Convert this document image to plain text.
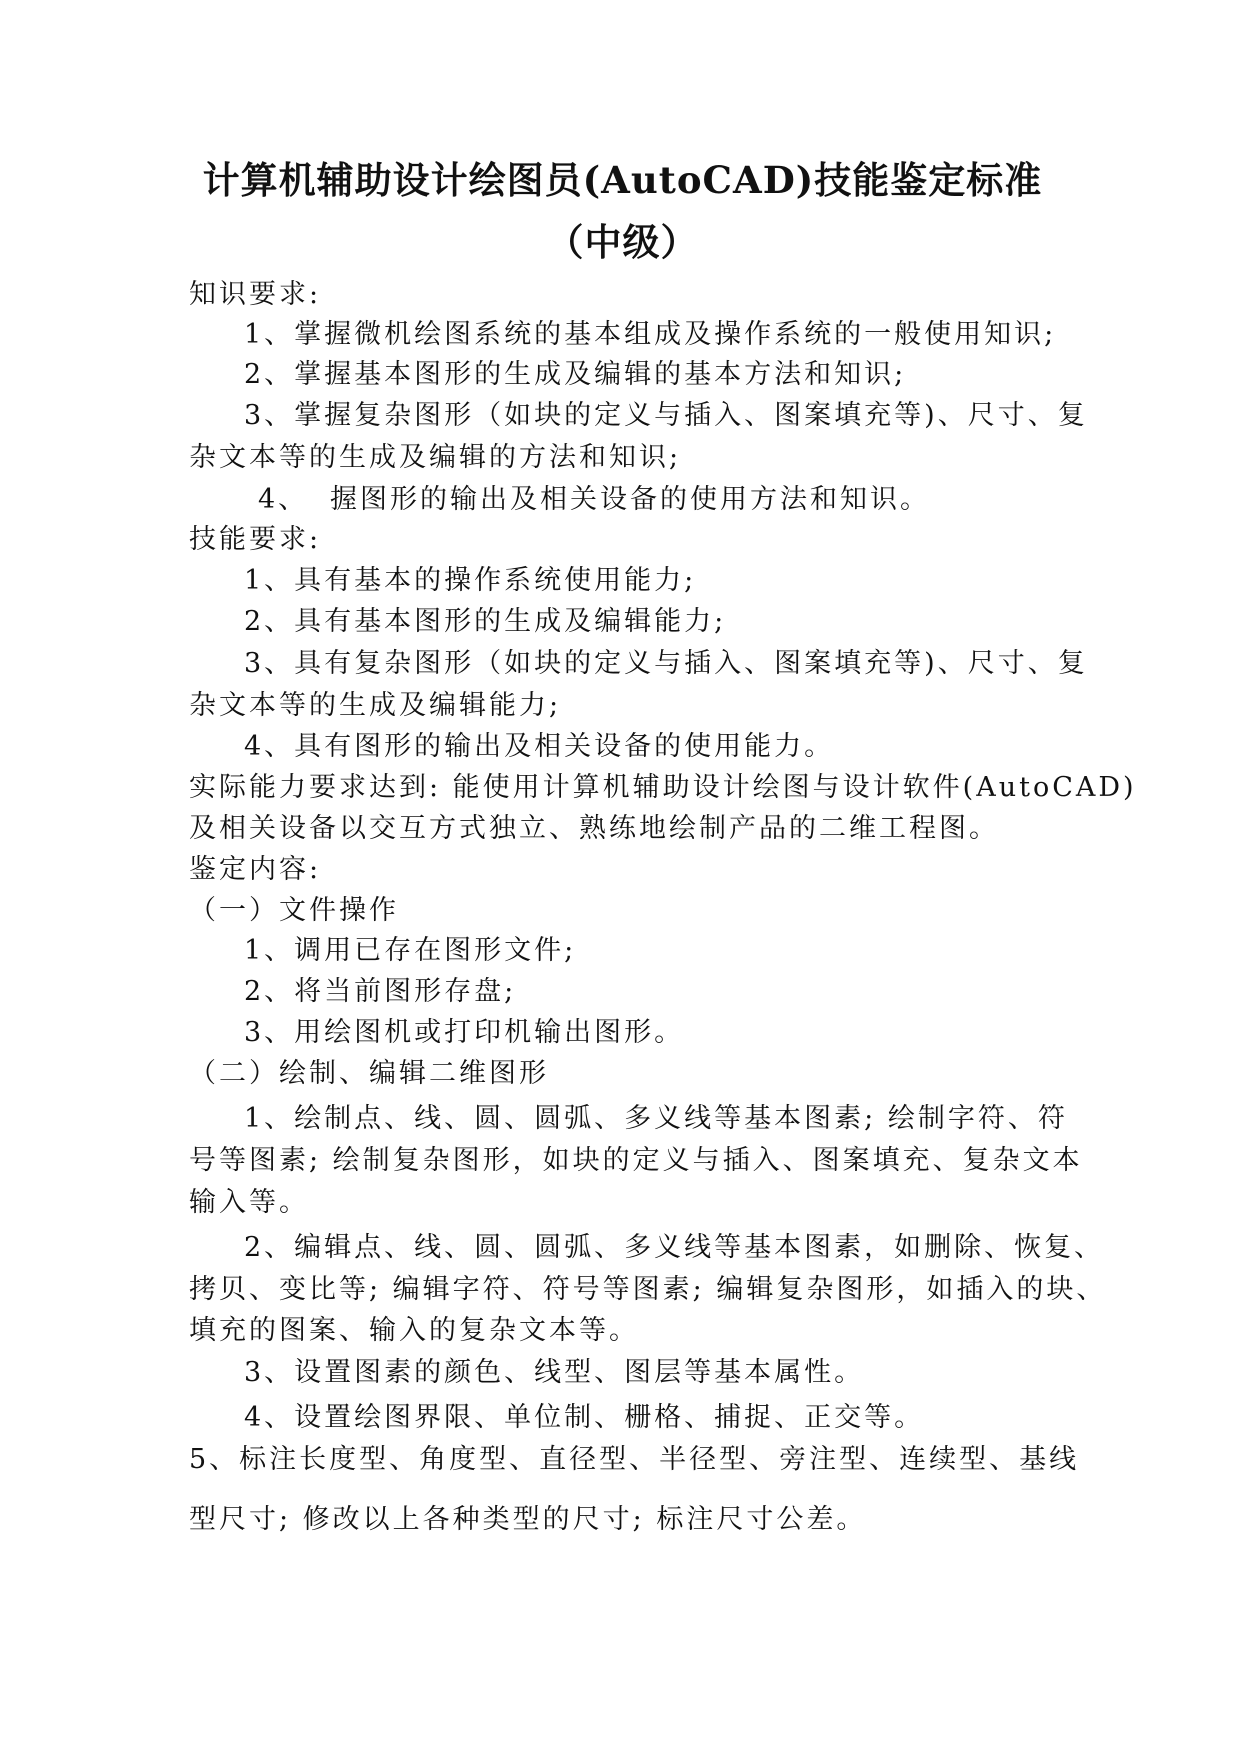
计算机辅助设计绘图员(AutoCAD)技能鉴定标准
（中级）
知识要求:
1、掌握微机绘图系统的基本组成及操作系统的一般使用知识;
2、掌握基本图形的生成及编辑的基本方法和知识;
3、掌握复杂图形（如块的定义与插入、图案填充等)、尺寸、复
杂文本等的生成及编辑的方法和知识;
4、 握图形的输出及相关设备的使用方法和知识。
技能要求:
1、具有基本的操作系统使用能力;
2、具有基本图形的生成及编辑能力;
3、具有复杂图形（如块的定义与插入、图案填充等)、尺寸、复
杂文本等的生成及编辑能力;
4、具有图形的输出及相关设备的使用能力。
实际能力要求达到: 能使用计算机辅助设计绘图与设计软件(AutoCAD)
及相关设备以交互方式独立、熟练地绘制产品的二维工程图。
鉴定内容:
（一）文件操作
1、调用已存在图形文件;
2、将当前图形存盘;
3、用绘图机或打印机输出图形。
（二）绘制、编辑二维图形
1、绘制点、线、圆、圆弧、多义线等基本图素; 绘制字符、符
号等图素; 绘制复杂图形，如块的定义与插入、图案填充、复杂文本
输入等。
2、编辑点、线、圆、圆弧、多义线等基本图素，如删除、恢复、
拷贝、变比等; 编辑字符、符号等图素; 编辑复杂图形，如插入的块、
填充的图案、输入的复杂文本等。
3、设置图素的颜色、线型、图层等基本属性。
4、设置绘图界限、单位制、栅格、捕捉、正交等。
5、标注长度型、角度型、直径型、半径型、旁注型、连续型、基线
型尺寸; 修改以上各种类型的尺寸; 标注尺寸公差。
